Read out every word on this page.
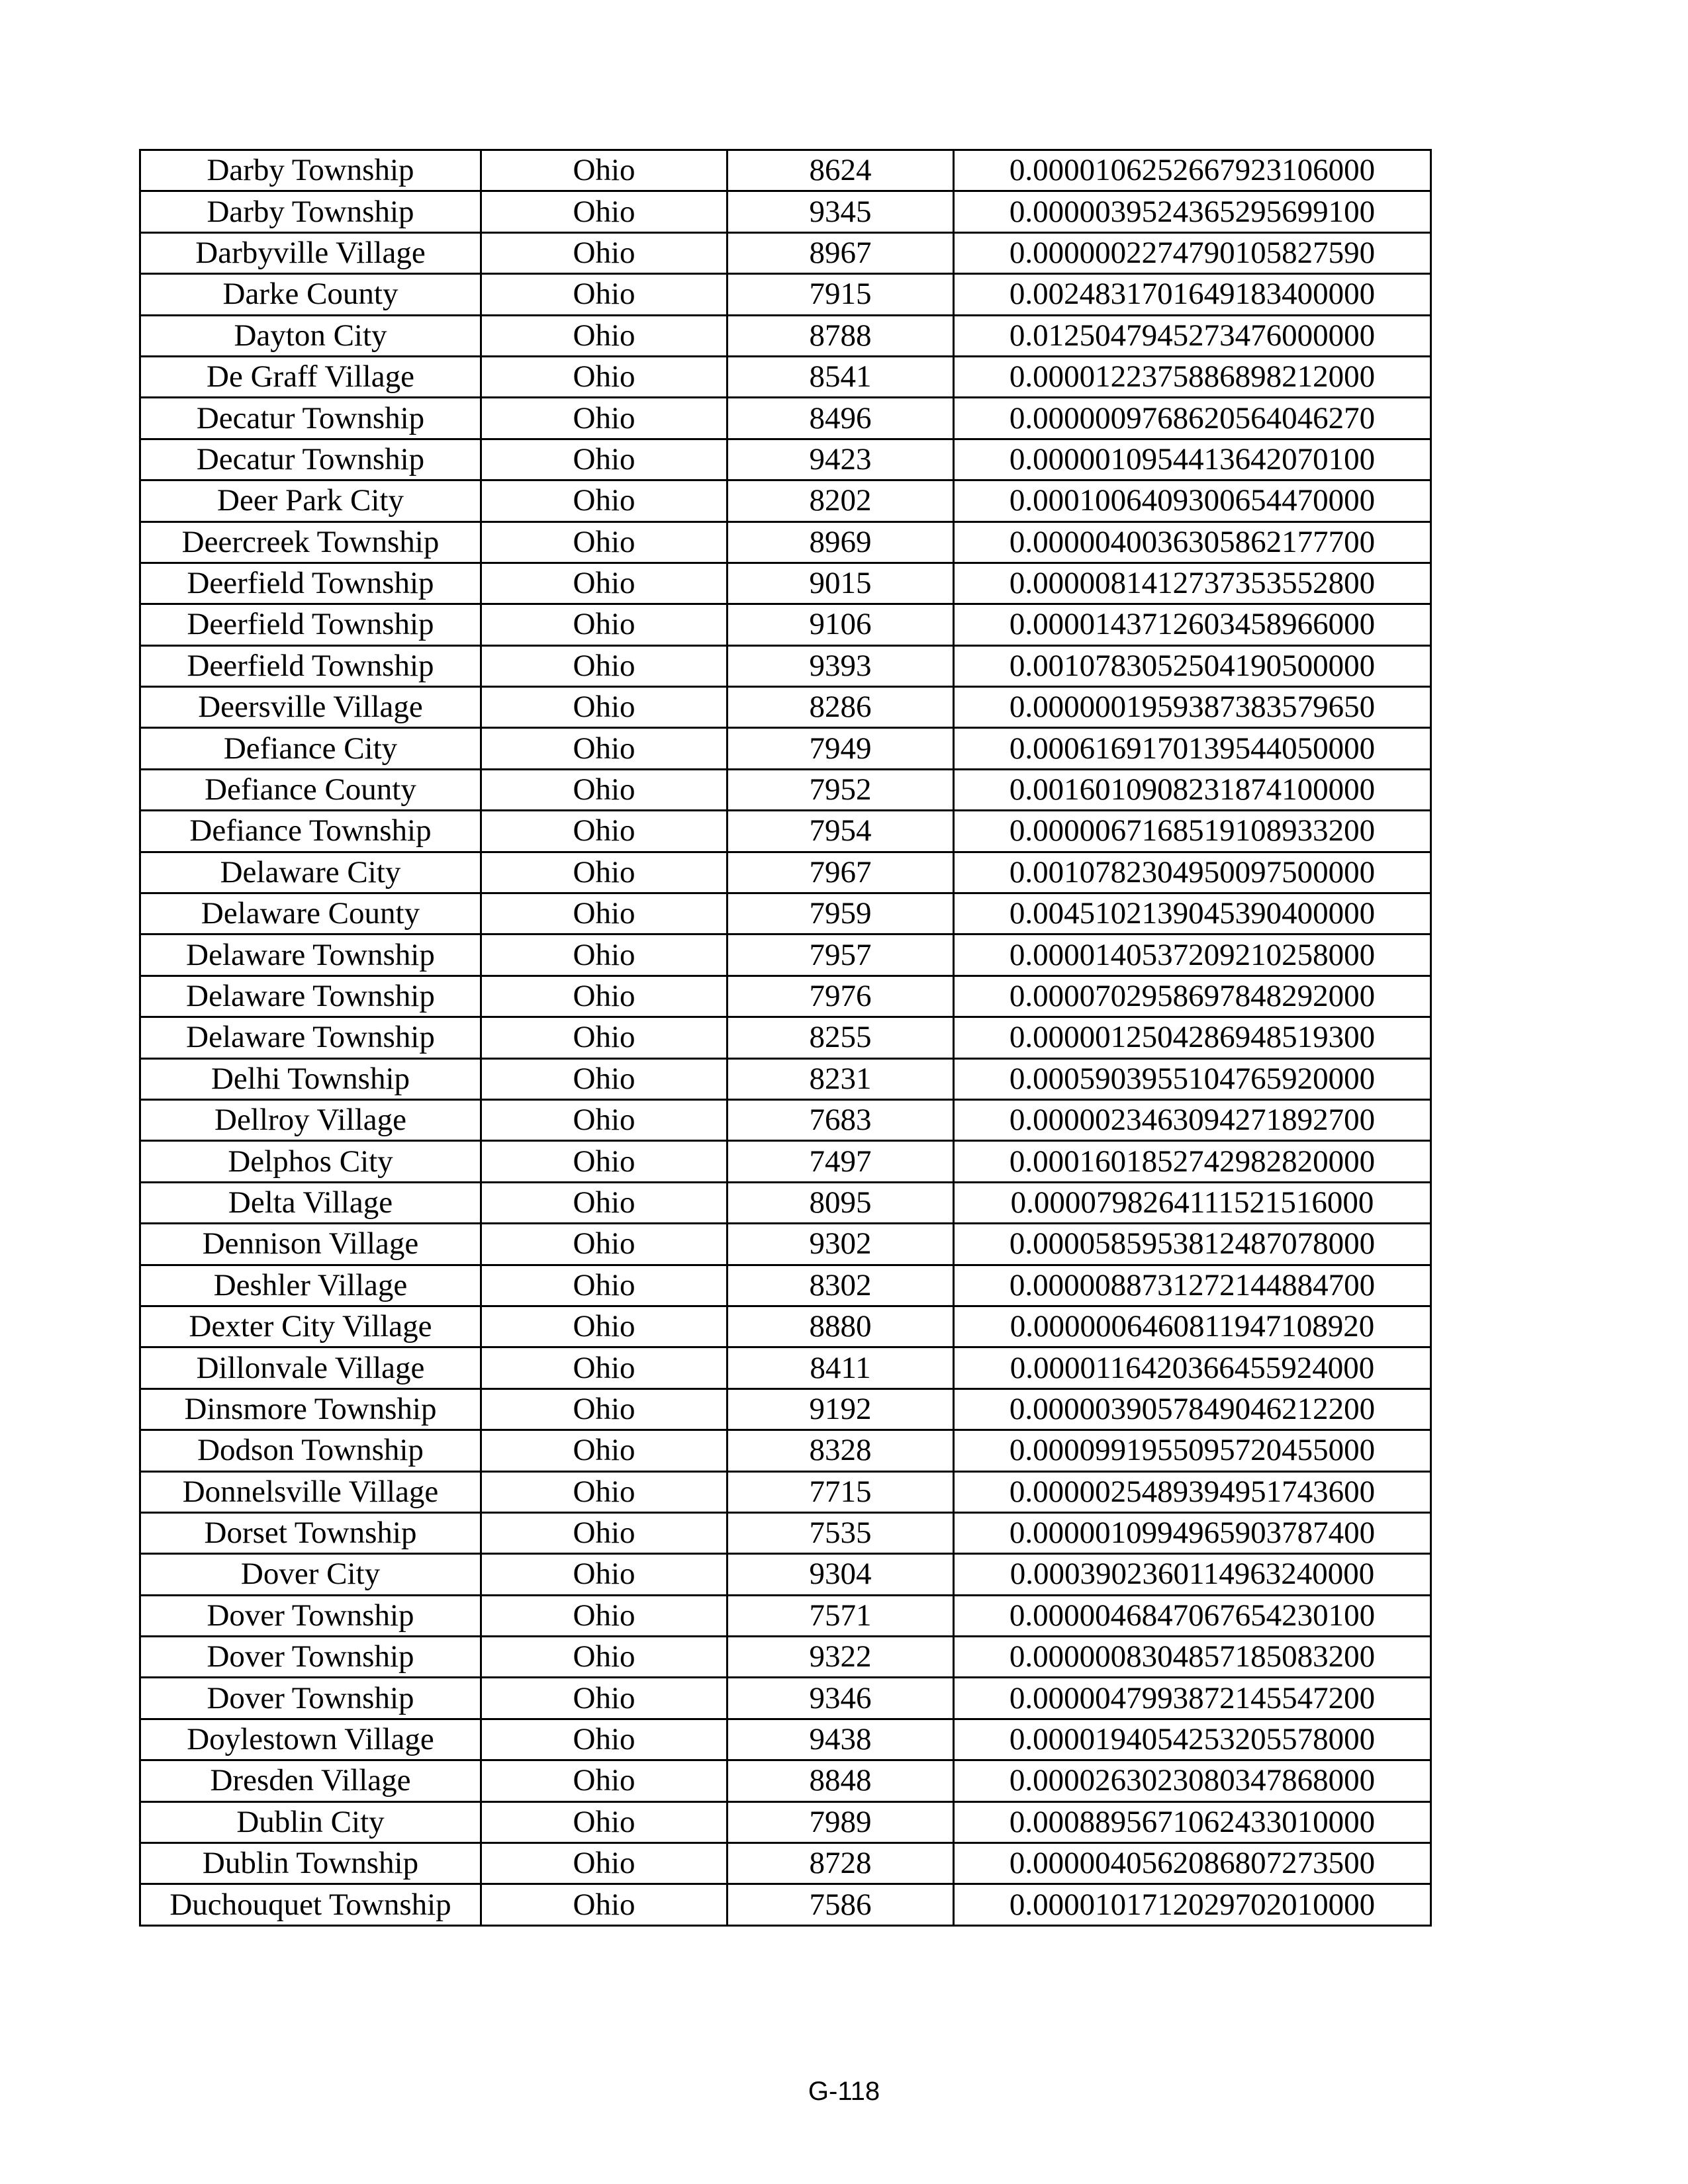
Darby Township	Ohio	8624	0.0000106252667923106000
Darby Township	Ohio	9345	0.0000039524365295699100
Darbyville Village	Ohio	8967	0.0000002274790105827590
Darke County	Ohio	7915	0.0024831701649183400000
Dayton City	Ohio	8788	0.0125047945273476000000
De Graff Village	Ohio	8541	0.0000122375886898212000
Decatur Township	Ohio	8496	0.0000009768620564046270
Decatur Township	Ohio	9423	0.0000010954413642070100
Deer Park City	Ohio	8202	0.0001006409300654470000
Deercreek Township	Ohio	8969	0.0000040036305862177700
Deerfield Township	Ohio	9015	0.0000081412737353552800
Deerfield Township	Ohio	9106	0.0000143712603458966000
Deerfield Township	Ohio	9393	0.0010783052504190500000
Deersville Village	Ohio	8286	0.0000001959387383579650
Defiance City	Ohio	7949	0.0006169170139544050000
Defiance County	Ohio	7952	0.0016010908231874100000
Defiance Township	Ohio	7954	0.0000067168519108933200
Delaware City	Ohio	7967	0.0010782304950097500000
Delaware County	Ohio	7959	0.0045102139045390400000
Delaware Township	Ohio	7957	0.0000140537209210258000
Delaware Township	Ohio	7976	0.0000702958697848292000
Delaware Township	Ohio	8255	0.0000012504286948519300
Delhi Township	Ohio	8231	0.0005903955104765920000
Dellroy Village	Ohio	7683	0.0000023463094271892700
Delphos City	Ohio	7497	0.0001601852742982820000
Delta Village	Ohio	8095	0.0000798264111521516000
Dennison Village	Ohio	9302	0.0000585953812487078000
Deshler Village	Ohio	8302	0.0000088731272144884700
Dexter City Village	Ohio	8880	0.0000006460811947108920
Dillonvale Village	Ohio	8411	0.0000116420366455924000
Dinsmore Township	Ohio	9192	0.0000039057849046212200
Dodson Township	Ohio	8328	0.0000991955095720455000
Donnelsville Village	Ohio	7715	0.0000025489394951743600
Dorset Township	Ohio	7535	0.0000010994965903787400
Dover City	Ohio	9304	0.0003902360114963240000
Dover Township	Ohio	7571	0.0000046847067654230100
Dover Township	Ohio	9322	0.0000008304857185083200
Dover Township	Ohio	9346	0.0000047993872145547200
Doylestown Village	Ohio	9438	0.0000194054253205578000
Dresden Village	Ohio	8848	0.0000263023080347868000
Dublin City	Ohio	7989	0.0008895671062433010000
Dublin Township	Ohio	8728	0.0000040562086807273500
Duchouquet Township	Ohio	7586	0.0000101712029702010000
G-118
